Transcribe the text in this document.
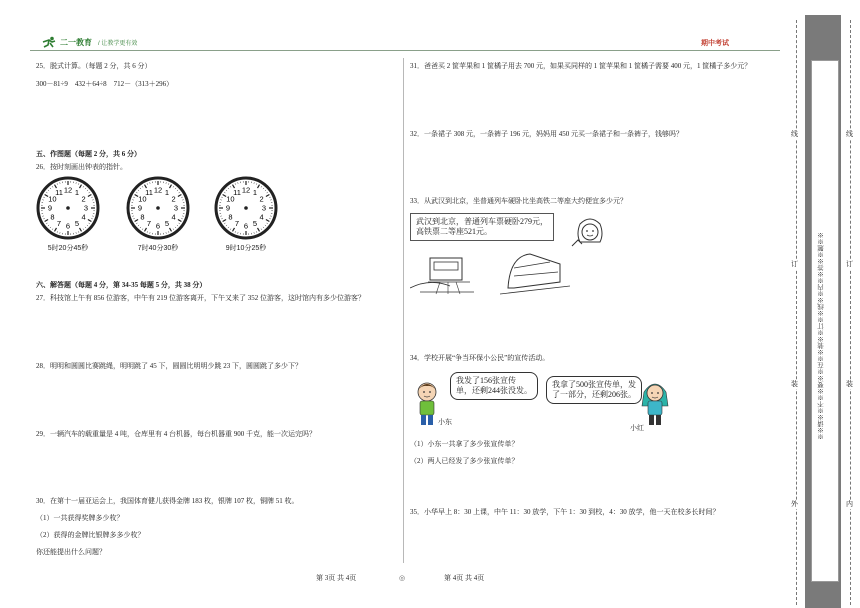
二一教育 / 让教学更有效	期中考试
25．脱式计算。（每题 2 分，共 6 分）
300－81÷9　432＋64÷8　712－（313＋296）
五、作图题（每题 2 分，共 6 分）
26．按时刻画出钟表的指针。
12 1
2
3
4
5
6
7
8
9
10
11
5时20分45秒
12 1
2
3
4
5
6
7
8
9
10
11
7时40分30秒
12 1
2
3
4
5
6
7
8
9
10
11
9时10分25秒
六、解答题（每题 4 分，第 34-35 每题 5 分，共 38 分）
27．科技馆上午有 856 位游客，中午有 219 位游客离开，下午又来了 352 位游客，这时馆内有多少位游客？
28．明明和圆圆比赛跳绳，明明跳了 45 下，圆圆比明明少跳 23 下，圆圆跳了多少下？
29．一辆汽车的载重量是 4 吨，仓库里有 4 台机器，每台机器重 900 千克，能一次运完吗？
30．在第十一届亚运会上，我国体育健儿获得金牌 183 枚，银牌 107 枚，铜牌 51 枚。
（1）一共获得奖牌多少枚？
（2）获得的金牌比银牌多多少枚？
你还能提出什么问题？
31．爸爸买 2 筐苹果和 1 筐橘子用去 700 元，如果买同样的 1 筐苹果和 1 筐橘子需要 400 元，1 筐橘子多少元？
32．一条裙子 308 元，一条裤子 196 元，妈妈用 450 元买一条裙子和一条裤子，钱够吗？
33．从武汉到北京，坐普通列车硬卧比坐高铁二等座大约便宜多少元？
武汉到北京，普通列车票硬卧279元，
高铁票二等座521元。
34．学校开展“争当环保小公民”的宣传活动。
小东
我发了156张宣传
单，还剩244张没发。
我拿了500张宣传单，发
了一部分，还剩206张。
小红
（1）小东一共拿了多少张宣传单？
（2）两人已经发了多少张宣传单？
35．小华早上 8：30 上课，中午 11：30 放学，下午 1：30 到校，4：30 放学，他一天在校多长时间？
第 3页 共 4页	◎	第 4页 共 4页
※※请※※不※※要※※在※※装※※订※※线※※内※※答※※题※※
线
订
装
外
线
订
装
内
